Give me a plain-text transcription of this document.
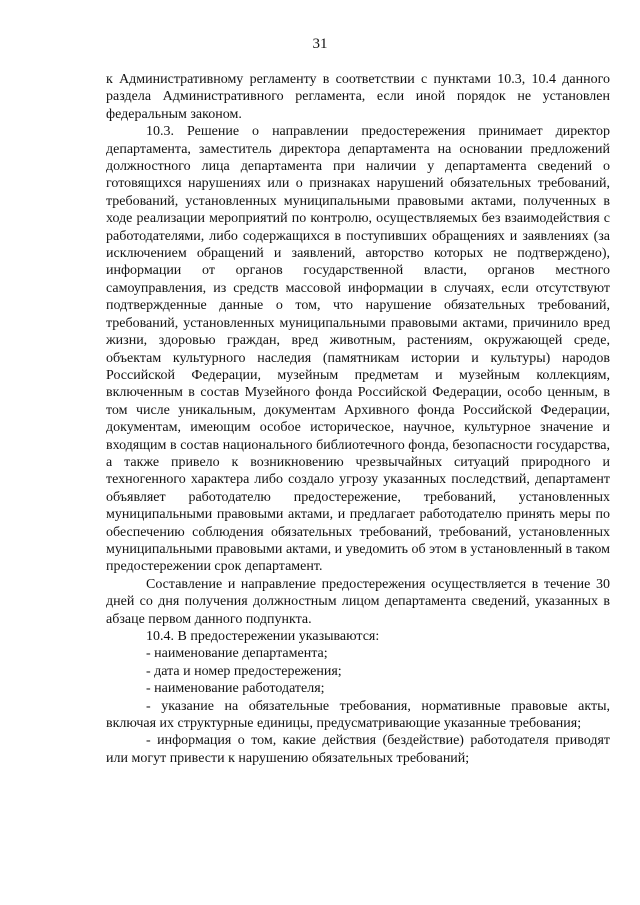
31

к Административному регламенту в соответствии с пунктами 10.3, 10.4 данного раздела Административного регламента, если иной порядок не установлен федеральным законом.

10.3. Решение о направлении предостережения принимает директор департамента, заместитель директора департамента на основании предложений должностного лица департамента при наличии у департамента сведений о готовящихся нарушениях или о признаках нарушений обязательных требований, требований, установленных муниципальными правовыми актами, полученных в ходе реализации мероприятий по контролю, осуществляемых без взаимодействия с работодателями, либо содержащихся в поступивших обращениях и заявлениях (за исключением обращений и заявлений, авторство которых не подтверждено), информации от органов государственной власти, органов местного самоуправления, из средств массовой информации в случаях, если отсутствуют подтвержденные данные о том, что нарушение обязательных требований, требований, установленных муниципальными правовыми актами, причинило вред жизни, здоровью граждан, вред животным, растениям, окружающей среде, объектам культурного наследия (памятникам истории и культуры) народов Российской Федерации, музейным предметам и музейным коллекциям, включенным в состав Музейного фонда Российской Федерации, особо ценным, в том числе уникальным, документам Архивного фонда Российской Федерации, документам, имеющим особое историческое, научное, культурное значение и входящим в состав национального библиотечного фонда, безопасности государства, а также привело к возникновению чрезвычайных ситуаций природного и техногенного характера либо создало угрозу указанных последствий, департамент объявляет работодателю предостережение, требований, установленных муниципальными правовыми актами, и предлагает работодателю принять меры по обеспечению соблюдения обязательных требований, требований, установленных муниципальными правовыми актами, и уведомить об этом в установленный в таком предостережении срок департамент.

Составление и направление предостережения осуществляется в течение 30 дней со дня получения должностным лицом департамента сведений, указанных в абзаце первом данного подпункта.

10.4. В предостережении указываются:

- наименование департамента;

- дата и номер предостережения;

- наименование работодателя;

- указание на обязательные требования, нормативные правовые акты, включая их структурные единицы, предусматривающие указанные требования;

- информация о том, какие действия (бездействие) работодателя приводят или могут привести к нарушению обязательных требований;
